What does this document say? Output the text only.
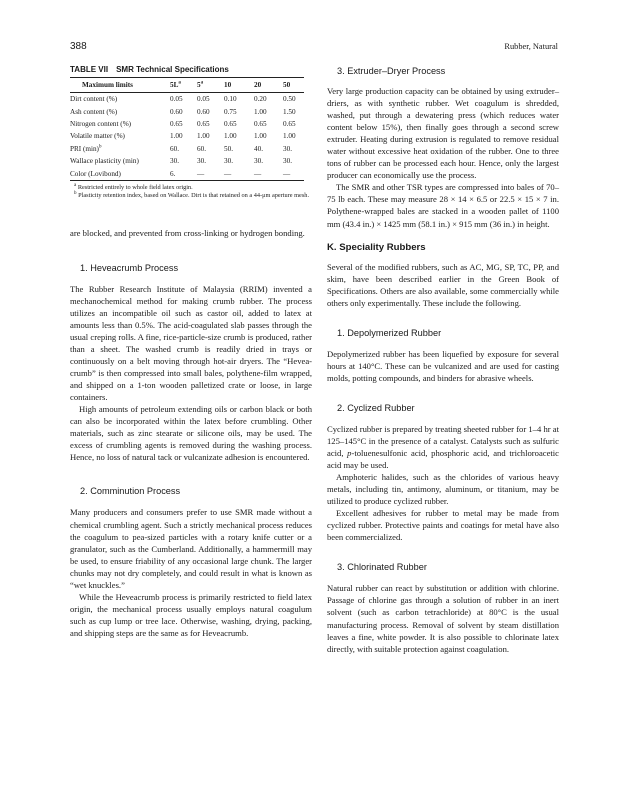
388	Rubber, Natural
TABLE VII SMR Technical Specifications
Maximum limits	$5L^a$	5$^a$	10	20	50
Dirt content (%)	0.05	0.05	0.10	0.20	0.50
Ash content (%)	0.60	0.60	0.75	1.00	1.50
Nitrogen content (%)	0.65	0.65	0.65	0.65	0.65
Volatile matter (%)	1.00	1.00	1.00	1.00	1.00
PRI $(\min)^b$	60.	60.	50.	40.	30.
Wallace plasticity (min)	30.	30.	30.	30.	30.
Color (Lovibond)	6.	—	—	—	—
$^a$ Restricted entirely to whole field latex origin.
$^b$ Plasticity retention index, based on Wallace. Dirt is that retained on a 44-μm aperture mesh.

are blocked, and prevented from cross-linking or hydrogen bonding.

1. Heveacrumb Process

The Rubber Research Institute of Malaysia (RRIM) invented a mechanochemical method for making crumb rubber. The process utilizes an incompatible oil such as castor oil, added to latex at amounts less than 0.5%. The acid-coagulated slab passes through the usual creping rolls. A fine, rice-particle-size crumb is produced, rather than a sheet. The washed crumb is readily dried in trays or continuously on a belt moving through hot-air dryers. The “Hevea-crumb” is then compressed into small bales, polythene-film wrapped, and shipped on a 1-ton wooden palletized crate or loose, in large containers.

High amounts of petroleum extending oils or carbon black or both can also be incorporated within the latex before crumbling. Other materials, such as zinc stearate or silicone oils, may be used. The excess of crumbling agents is removed during the washing process. Hence, no loss of natural tack or vulcanizate adhesion is encountered.

2. Comminution Process

Many producers and consumers prefer to use SMR made without a chemical crumbling agent. Such a strictly mechanical process reduces the coagulum to pea-sized particles with a rotary knife cutter or a granulator, such as the Cumberland. Additionally, a hammermill may be used, to ensure friability of any occasional large chunk. The larger chunks may not dry completely, and could result in what is known as “wet knuckles.”

While the Heveacrumb process is primarily restricted to field latex origin, the mechanical process usually employs natural coagulum such as cup lump or tree lace. Otherwise, washing, drying, packing, and shipping steps are the same as for Heveacrumb.

3. Extruder–Dryer Process

Very large production capacity can be obtained by using extruder–driers, as with synthetic rubber. Wet coagulum is shredded, washed, put through a dewatering press (which reduces water content below 15%), then finally goes through a second screw extruder. Heating during extrusion is regulated to remove residual water without excessive heat oxidation of the rubber. One to three tons of rubber can be processed each hour. Hence, only the largest producer can economically use the process.

The SMR and other TSR types are compressed into bales of 70–75 lb each. These may measure 28 × 14 × 6.5 or 22.5 × 15 × 7 in. Polythene-wrapped bales are stacked in a wooden pallet of 1100 mm (43.4 in.) × 1425 mm (58.1 in.) × 915 mm (36 in.) in height.

K. Speciality Rubbers

Several of the modified rubbers, such as AC, MG, SP, TC, PP, and skim, have been described earlier in the Green Book of Specifications. Others are also available, some commercially while others only experimentally. These include the following.

1. Depolymerized Rubber

Depolymerized rubber has been liquefied by exposure for several hours at 140°C. These can be vulcanized and are used for casting molds, potting compounds, and binders for abrasive wheels.

2. Cyclized Rubber

Cyclized rubber is prepared by treating sheeted rubber for 1–4 hr at 125–145°C in the presence of a catalyst. Catalysts such as sulfuric acid, p-toluenesulfonic acid, phosphoric acid, and trichloroacetic acid may be used.

Amphoteric halides, such as the chlorides of various heavy metals, including tin, antimony, aluminum, or titanium, may be utilized to produce cyclized rubber.

Excellent adhesives for rubber to metal may be made from cyclized rubber. Protective paints and coatings for metal have also been commercialized.

3. Chlorinated Rubber

Natural rubber can react by substitution or addition with chlorine. Passage of chlorine gas through a solution of rubber in an inert solvent (such as carbon tetrachloride) at 80°C is the usual manufacturing process. Removal of solvent by steam distillation leaves a fine, white powder. It is also possible to chlorinate latex directly, with suitable protection against coagulation.
